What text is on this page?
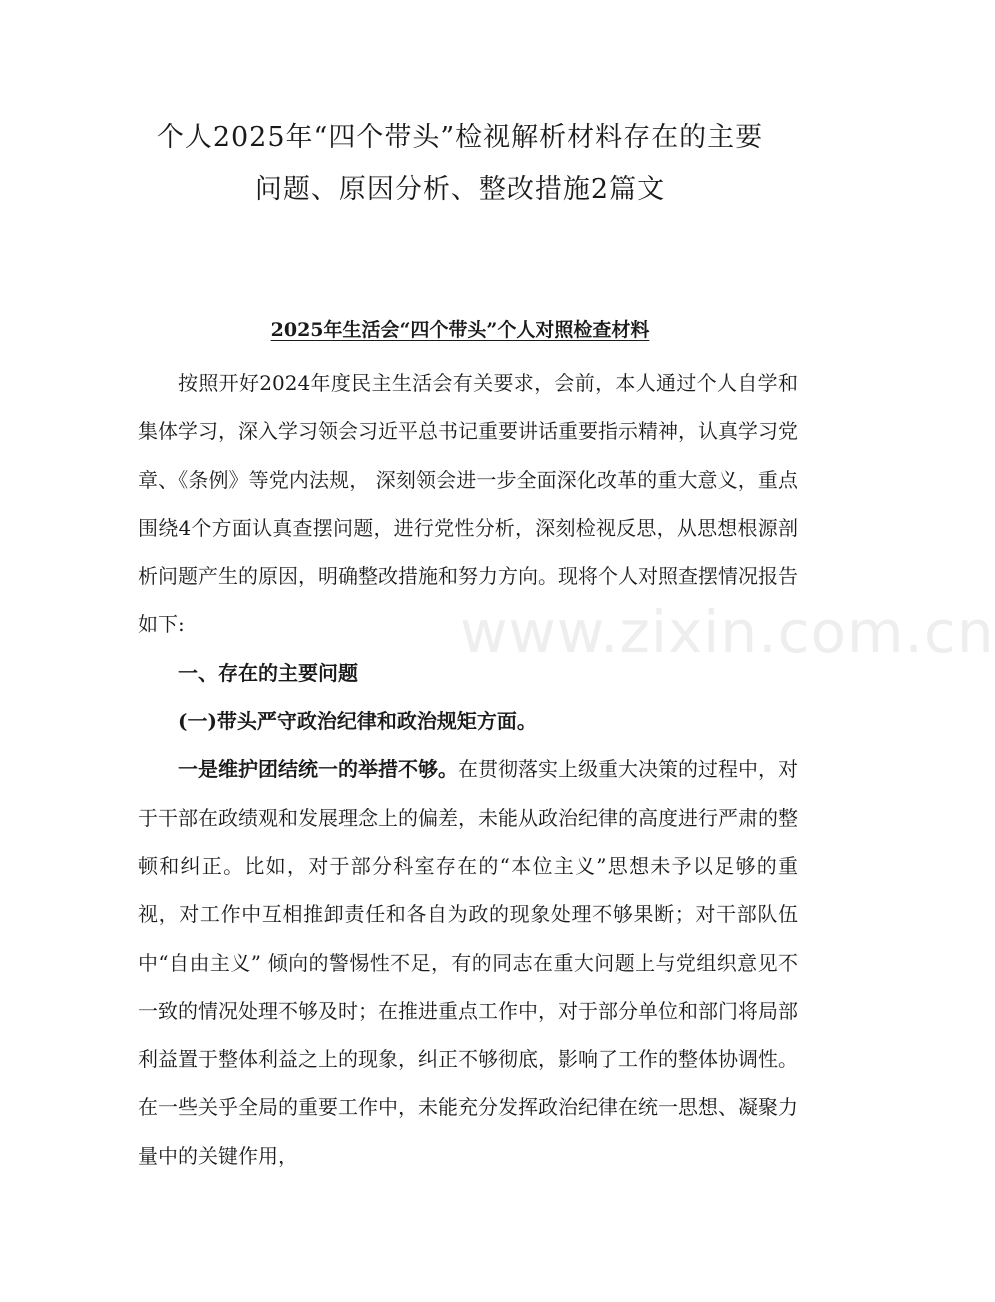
个人2025年“四个带头”检视解析材料存在的主要
问题、原因分析、整改措施2篇文
2025年生活会“四个带头”个人对照检查材料

按照开好2024年度民主生活会有关要求，会前，本人通过个人自学和集体学习，深入学习领会习近平总书记重要讲话重要指示精神，认真学习党章、《条例》等党内法规， 深刻领会进一步全面深化改革的重大意义，重点围绕4个方面认真查摆问题，进行党性分析，深刻检视反思，从思想根源剖析问题产生的原因，明确整改措施和努力方向。现将个人对照查摆情况报告如下:

一、存在的主要问题

(一)带头严守政治纪律和政治规矩方面。

一是维护团结统一的举措不够。在贯彻落实上级重大决策的过程中，对于干部在政绩观和发展理念上的偏差，未能从政治纪律的高度进行严肃的整顿和纠正。比如，对于部分科室存在的“本位主义”思想未予以足够的重视，对工作中互相推卸责任和各自为政的现象处理不够果断；对干部队伍中“自由主义” 倾向的警惕性不足，有的同志在重大问题上与党组织意见不一致的情况处理不够及时；在推进重点工作中，对于部分单位和部门将局部利益置于整体利益之上的现象，纠正不够彻底，影响了工作的整体协调性。在一些关乎全局的重要工作中，未能充分发挥政治纪律在统一思想、凝聚力量中的关键作用，

www.zixin.com.cn
